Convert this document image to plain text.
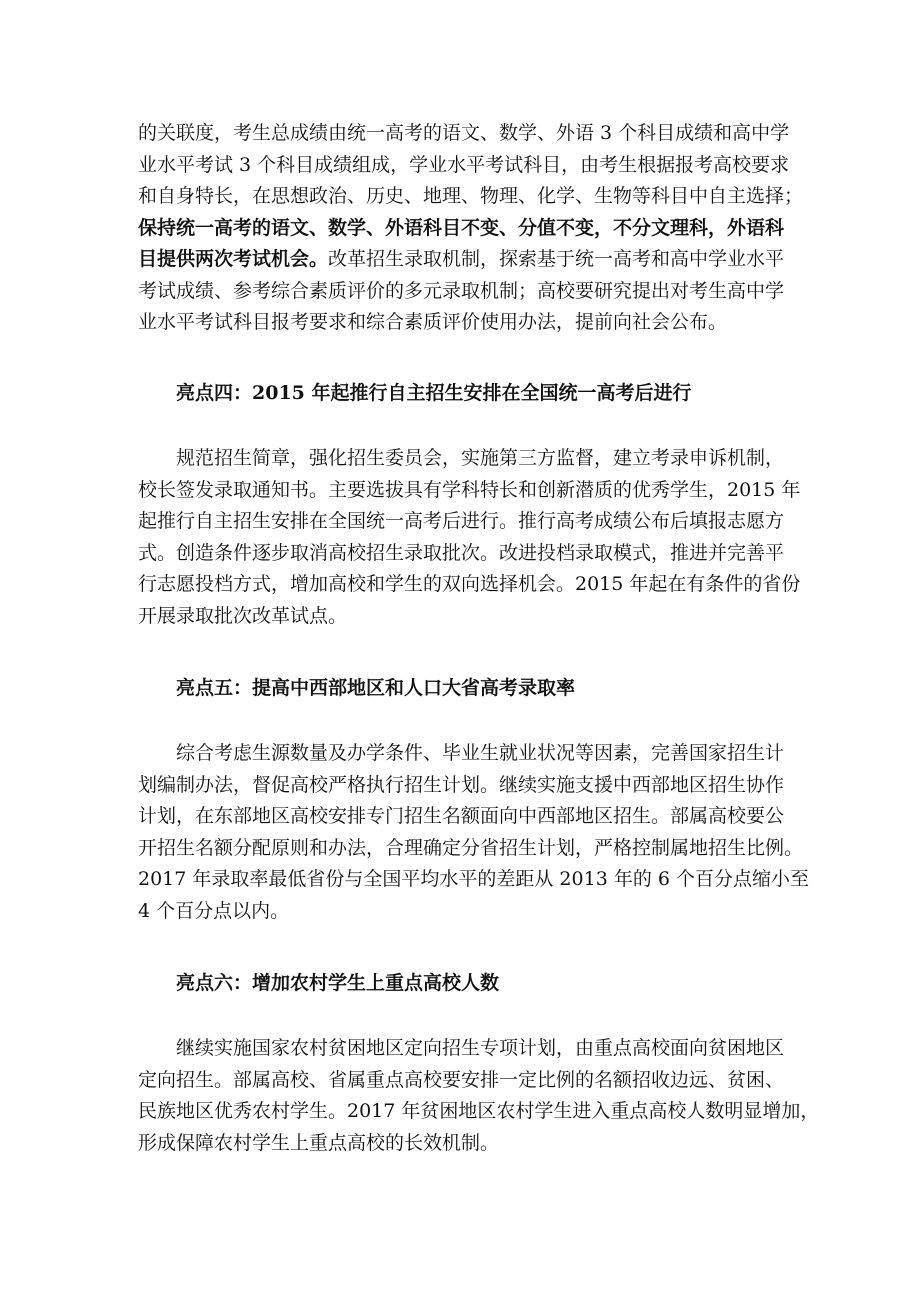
的关联度，考生总成绩由统一高考的语文、数学、外语 3 个科目成绩和高中学
业水平考试 3 个科目成绩组成，学业水平考试科目，由考生根据报考高校要求
和自身特长，在思想政治、历史、地理、物理、化学、生物等科目中自主选择；
保持统一高考的语文、数学、外语科目不变、分值不变，不分文理科，外语科
目提供两次考试机会。改革招生录取机制，探索基于统一高考和高中学业水平
考试成绩、参考综合素质评价的多元录取机制；高校要研究提出对考生高中学
业水平考试科目报考要求和综合素质评价使用办法，提前向社会公布。

亮点四：2015 年起推行自主招生安排在全国统一高考后进行

规范招生简章，强化招生委员会，实施第三方监督，建立考录申诉机制，
校长签发录取通知书。主要选拔具有学科特长和创新潜质的优秀学生，2015 年
起推行自主招生安排在全国统一高考后进行。推行高考成绩公布后填报志愿方
式。创造条件逐步取消高校招生录取批次。改进投档录取模式，推进并完善平
行志愿投档方式，增加高校和学生的双向选择机会。2015 年起在有条件的省份
开展录取批次改革试点。

亮点五：提高中西部地区和人口大省高考录取率

综合考虑生源数量及办学条件、毕业生就业状况等因素，完善国家招生计
划编制办法，督促高校严格执行招生计划。继续实施支援中西部地区招生协作
计划，在东部地区高校安排专门招生名额面向中西部地区招生。部属高校要公
开招生名额分配原则和办法，合理确定分省招生计划，严格控制属地招生比例。
2017 年录取率最低省份与全国平均水平的差距从 2013 年的 6 个百分点缩小至
4 个百分点以内。

亮点六：增加农村学生上重点高校人数

继续实施国家农村贫困地区定向招生专项计划，由重点高校面向贫困地区
定向招生。部属高校、省属重点高校要安排一定比例的名额招收边远、贫困、
民族地区优秀农村学生。2017 年贫困地区农村学生进入重点高校人数明显增加，
形成保障农村学生上重点高校的长效机制。
